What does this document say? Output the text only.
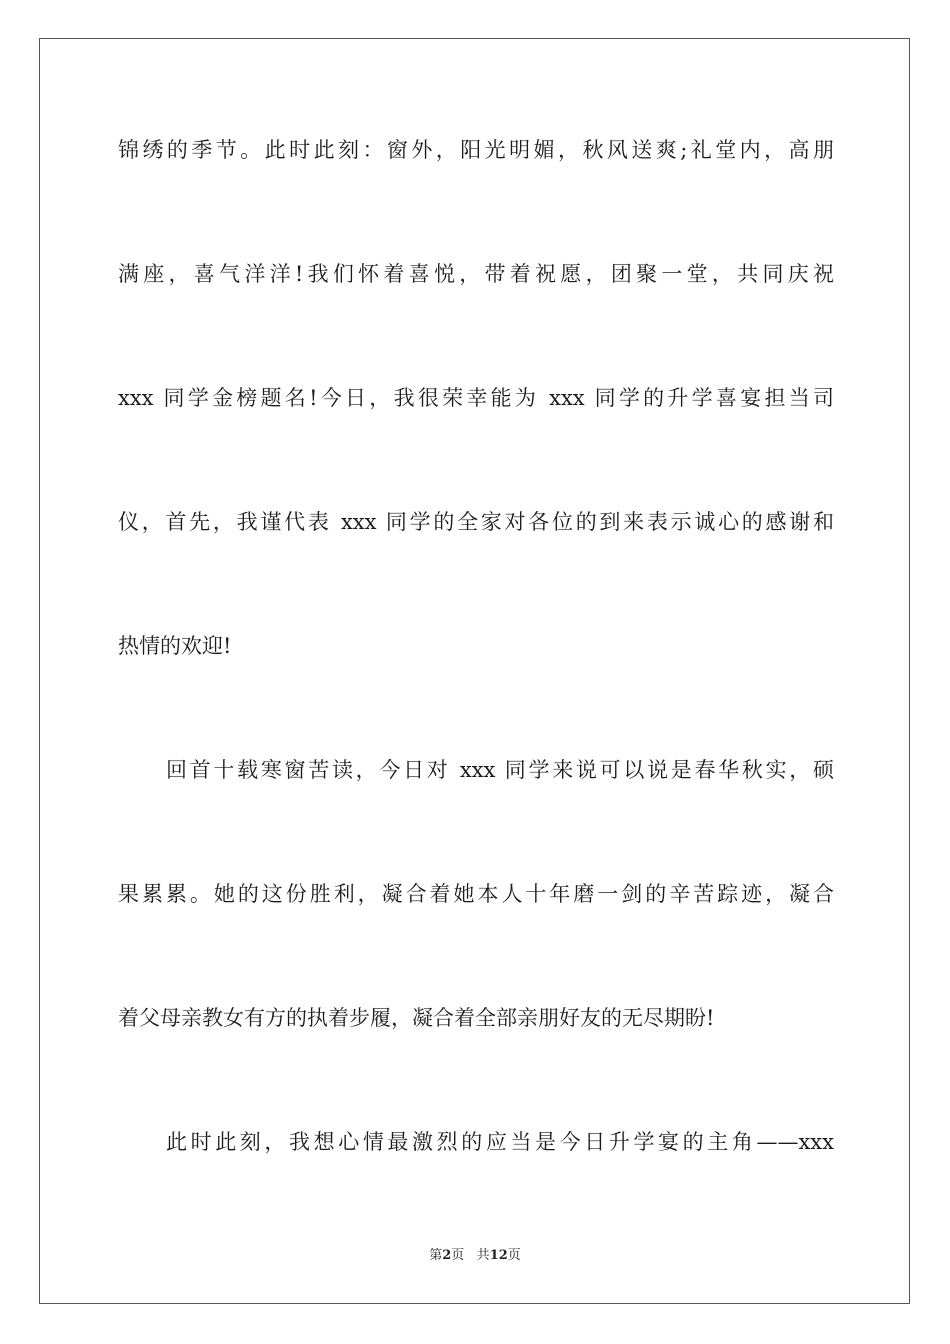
锦绣的季节。此时此刻：窗外，阳光明媚，秋风送爽;礼堂内，高朋
满座，喜气洋洋!我们怀着喜悦，带着祝愿，团聚一堂，共同庆祝
xxx 同学金榜题名!今日，我很荣幸能为 xxx 同学的升学喜宴担当司
仪，首先，我谨代表 xxx 同学的全家对各位的到来表示诚心的感谢和
热情的欢迎!
回首十载寒窗苦读，今日对 xxx 同学来说可以说是春华秋实，硕
果累累。她的这份胜利，凝合着她本人十年磨一剑的辛苦踪迹，凝合
着父母亲教女有方的执着步履，凝合着全部亲朋好友的无尽期盼!
此时此刻，我想心情最激烈的应当是今日升学宴的主角——xxx
第2页 共12页
